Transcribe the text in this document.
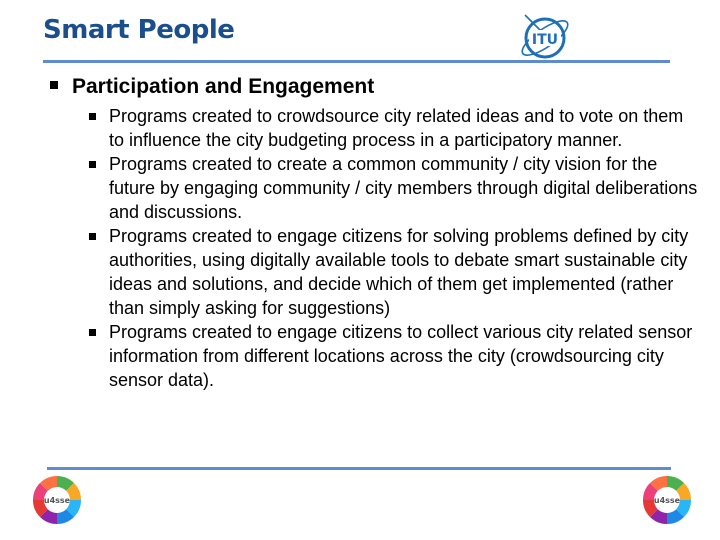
Smart People	ITU
Participation and Engagement
Programs created to crowdsource city related ideas and to vote on them to influence the city budgeting process in a participatory manner.
Programs created to create a common community / city vision for the future by engaging community / city members through digital deliberations and discussions.
Programs created to engage citizens for solving problems defined by city authorities, using digitally available tools to debate smart sustainable city ideas and solutions, and decide which of them get implemented (rather than simply asking for suggestions)
Programs created to engage citizens to collect various city related sensor information from different locations across the city (crowdsourcing city sensor data).
u4sse	u4sse
